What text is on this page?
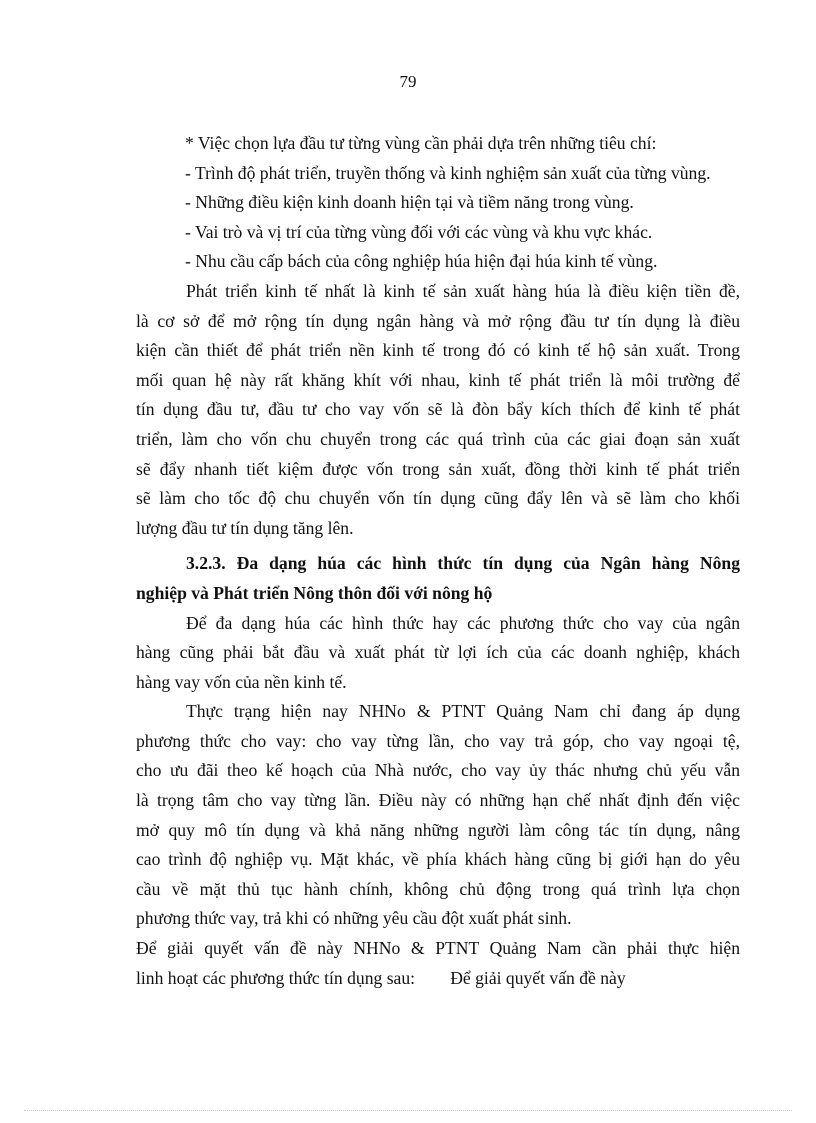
79
* Việc chọn lựa đầu tư từng vùng cần phải dựa trên những tiêu chí:
- Trình độ phát triển, truyền thống và kinh nghiệm sản xuất của từng vùng.
- Những điều kiện kinh doanh hiện tại và tiềm năng trong vùng.
- Vai trò và vị trí của từng vùng đối với các vùng và khu vực khác.
- Nhu cầu cấp bách của công nghiệp húa hiện đại húa kinh tế vùng.
Phát triển kinh tế nhất là kinh tế sản xuất hàng húa là điều kiện tiền đề,
là cơ sở để mở rộng tín dụng ngân hàng và mở rộng đầu tư tín dụng là điều
kiện cần thiết để phát triển nền kinh tế trong đó có kinh tế hộ sản xuất. Trong
mối quan hệ này rất khăng khít với nhau, kinh tế phát triển là môi trường để
tín dụng đầu tư, đầu tư cho vay vốn sẽ là đòn bẩy kích thích để kinh tế phát
triển, làm cho vốn chu chuyển trong các quá trình của các giai đoạn sản xuất
sẽ đẩy nhanh tiết kiệm được vốn trong sản xuất, đồng thời kinh tế phát triển
sẽ làm cho tốc độ chu chuyển vốn tín dụng cũng đẩy lên và sẽ làm cho khối
lượng đầu tư tín dụng tăng lên.
3.2.3. Đa dạng húa các hình thức tín dụng của Ngân hàng Nông
nghiệp và Phát triển Nông thôn đối với nông hộ
Để đa dạng húa các hình thức hay các phương thức cho vay của ngân
hàng cũng phải bắt đầu và xuất phát từ lợi ích của các doanh nghiệp, khách
hàng vay vốn của nền kinh tế.
Thực trạng hiện nay NHNo & PTNT Quảng Nam chỉ đang áp dụng
phương thức cho vay: cho vay từng lần, cho vay trả góp, cho vay ngoại tệ,
cho ưu đãi theo kế hoạch của Nhà nước, cho vay ủy thác nhưng chủ yếu vẫn
là trọng tâm cho vay từng lần. Điều này có những hạn chế nhất định đến việc
mở quy mô tín dụng và khả năng những người làm công tác tín dụng, nâng
cao trình độ nghiệp vụ. Mặt khác, về phía khách hàng cũng bị giới hạn do yêu
cầu về mặt thủ tục hành chính, không chủ động trong quá trình lựa chọn
phương thức vay, trả khi có những yêu cầu đột xuất phát sinh.
Để giải quyết vấn đề này NHNo & PTNT Quảng Nam cần phải thực hiện
linh hoạt các phương thức tín dụng sau:        Để giải quyết vấn đề này
